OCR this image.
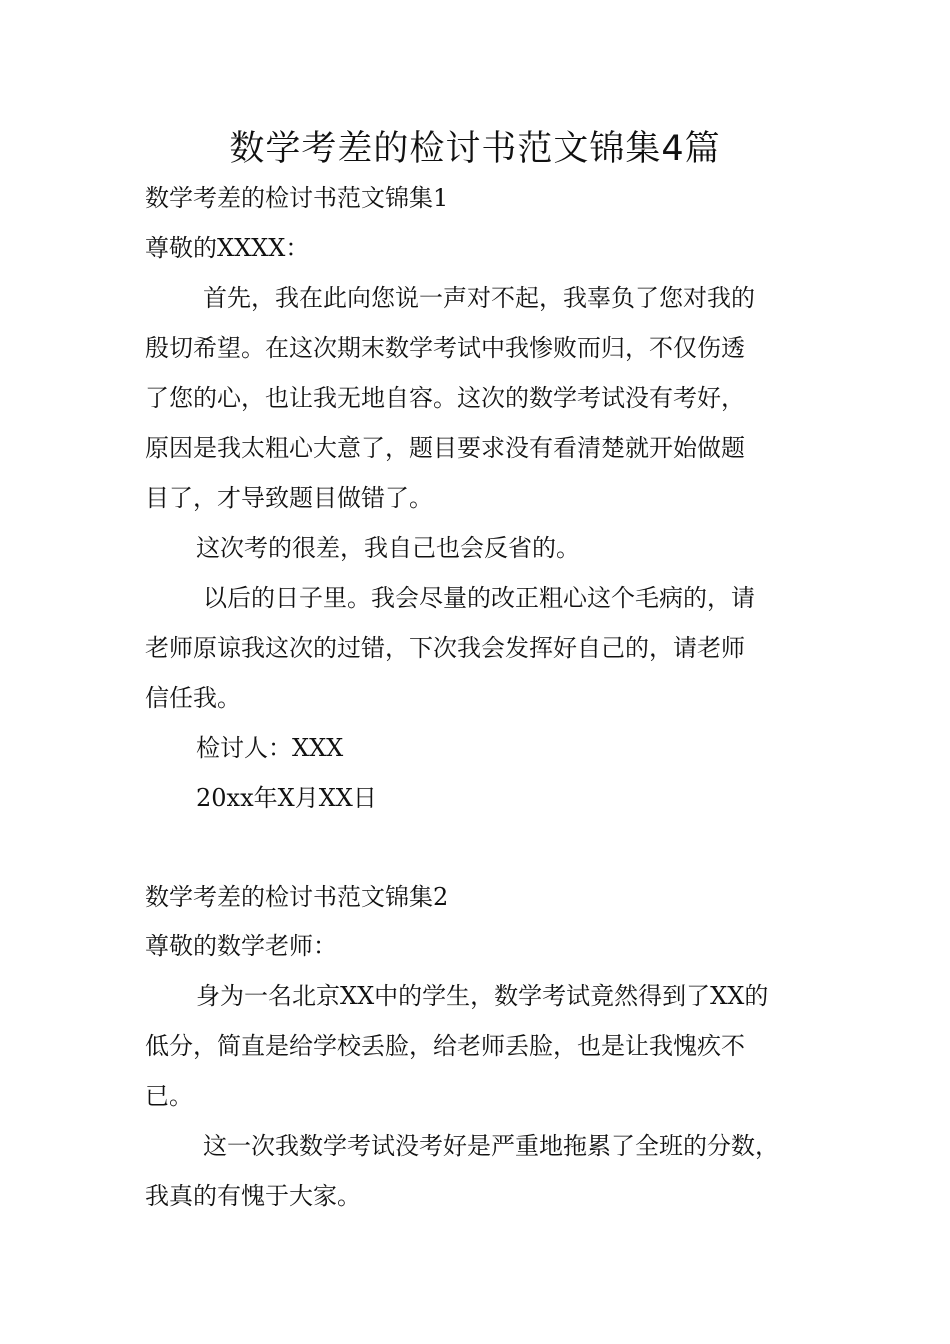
数学考差的检讨书范文锦集4篇

数学考差的检讨书范文锦集1

尊敬的XXXX：

首先，我在此向您说一声对不起，我辜负了您对我的

殷切希望。在这次期末数学考试中我惨败而归，不仅伤透

了您的心，也让我无地自容。这次的数学考试没有考好，

原因是我太粗心大意了，题目要求没有看清楚就开始做题

目了，才导致题目做错了。

这次考的很差，我自己也会反省的。

以后的日子里。我会尽量的改正粗心这个毛病的，请

老师原谅我这次的过错，下次我会发挥好自己的，请老师

信任我。

检讨人：XXX

20xx年X月XX日

数学考差的检讨书范文锦集2

尊敬的数学老师：

身为一名北京XX中的学生，数学考试竟然得到了XX的

低分，简直是给学校丢脸，给老师丢脸，也是让我愧疚不

已。

这一次我数学考试没考好是严重地拖累了全班的分数，

我真的有愧于大家。
